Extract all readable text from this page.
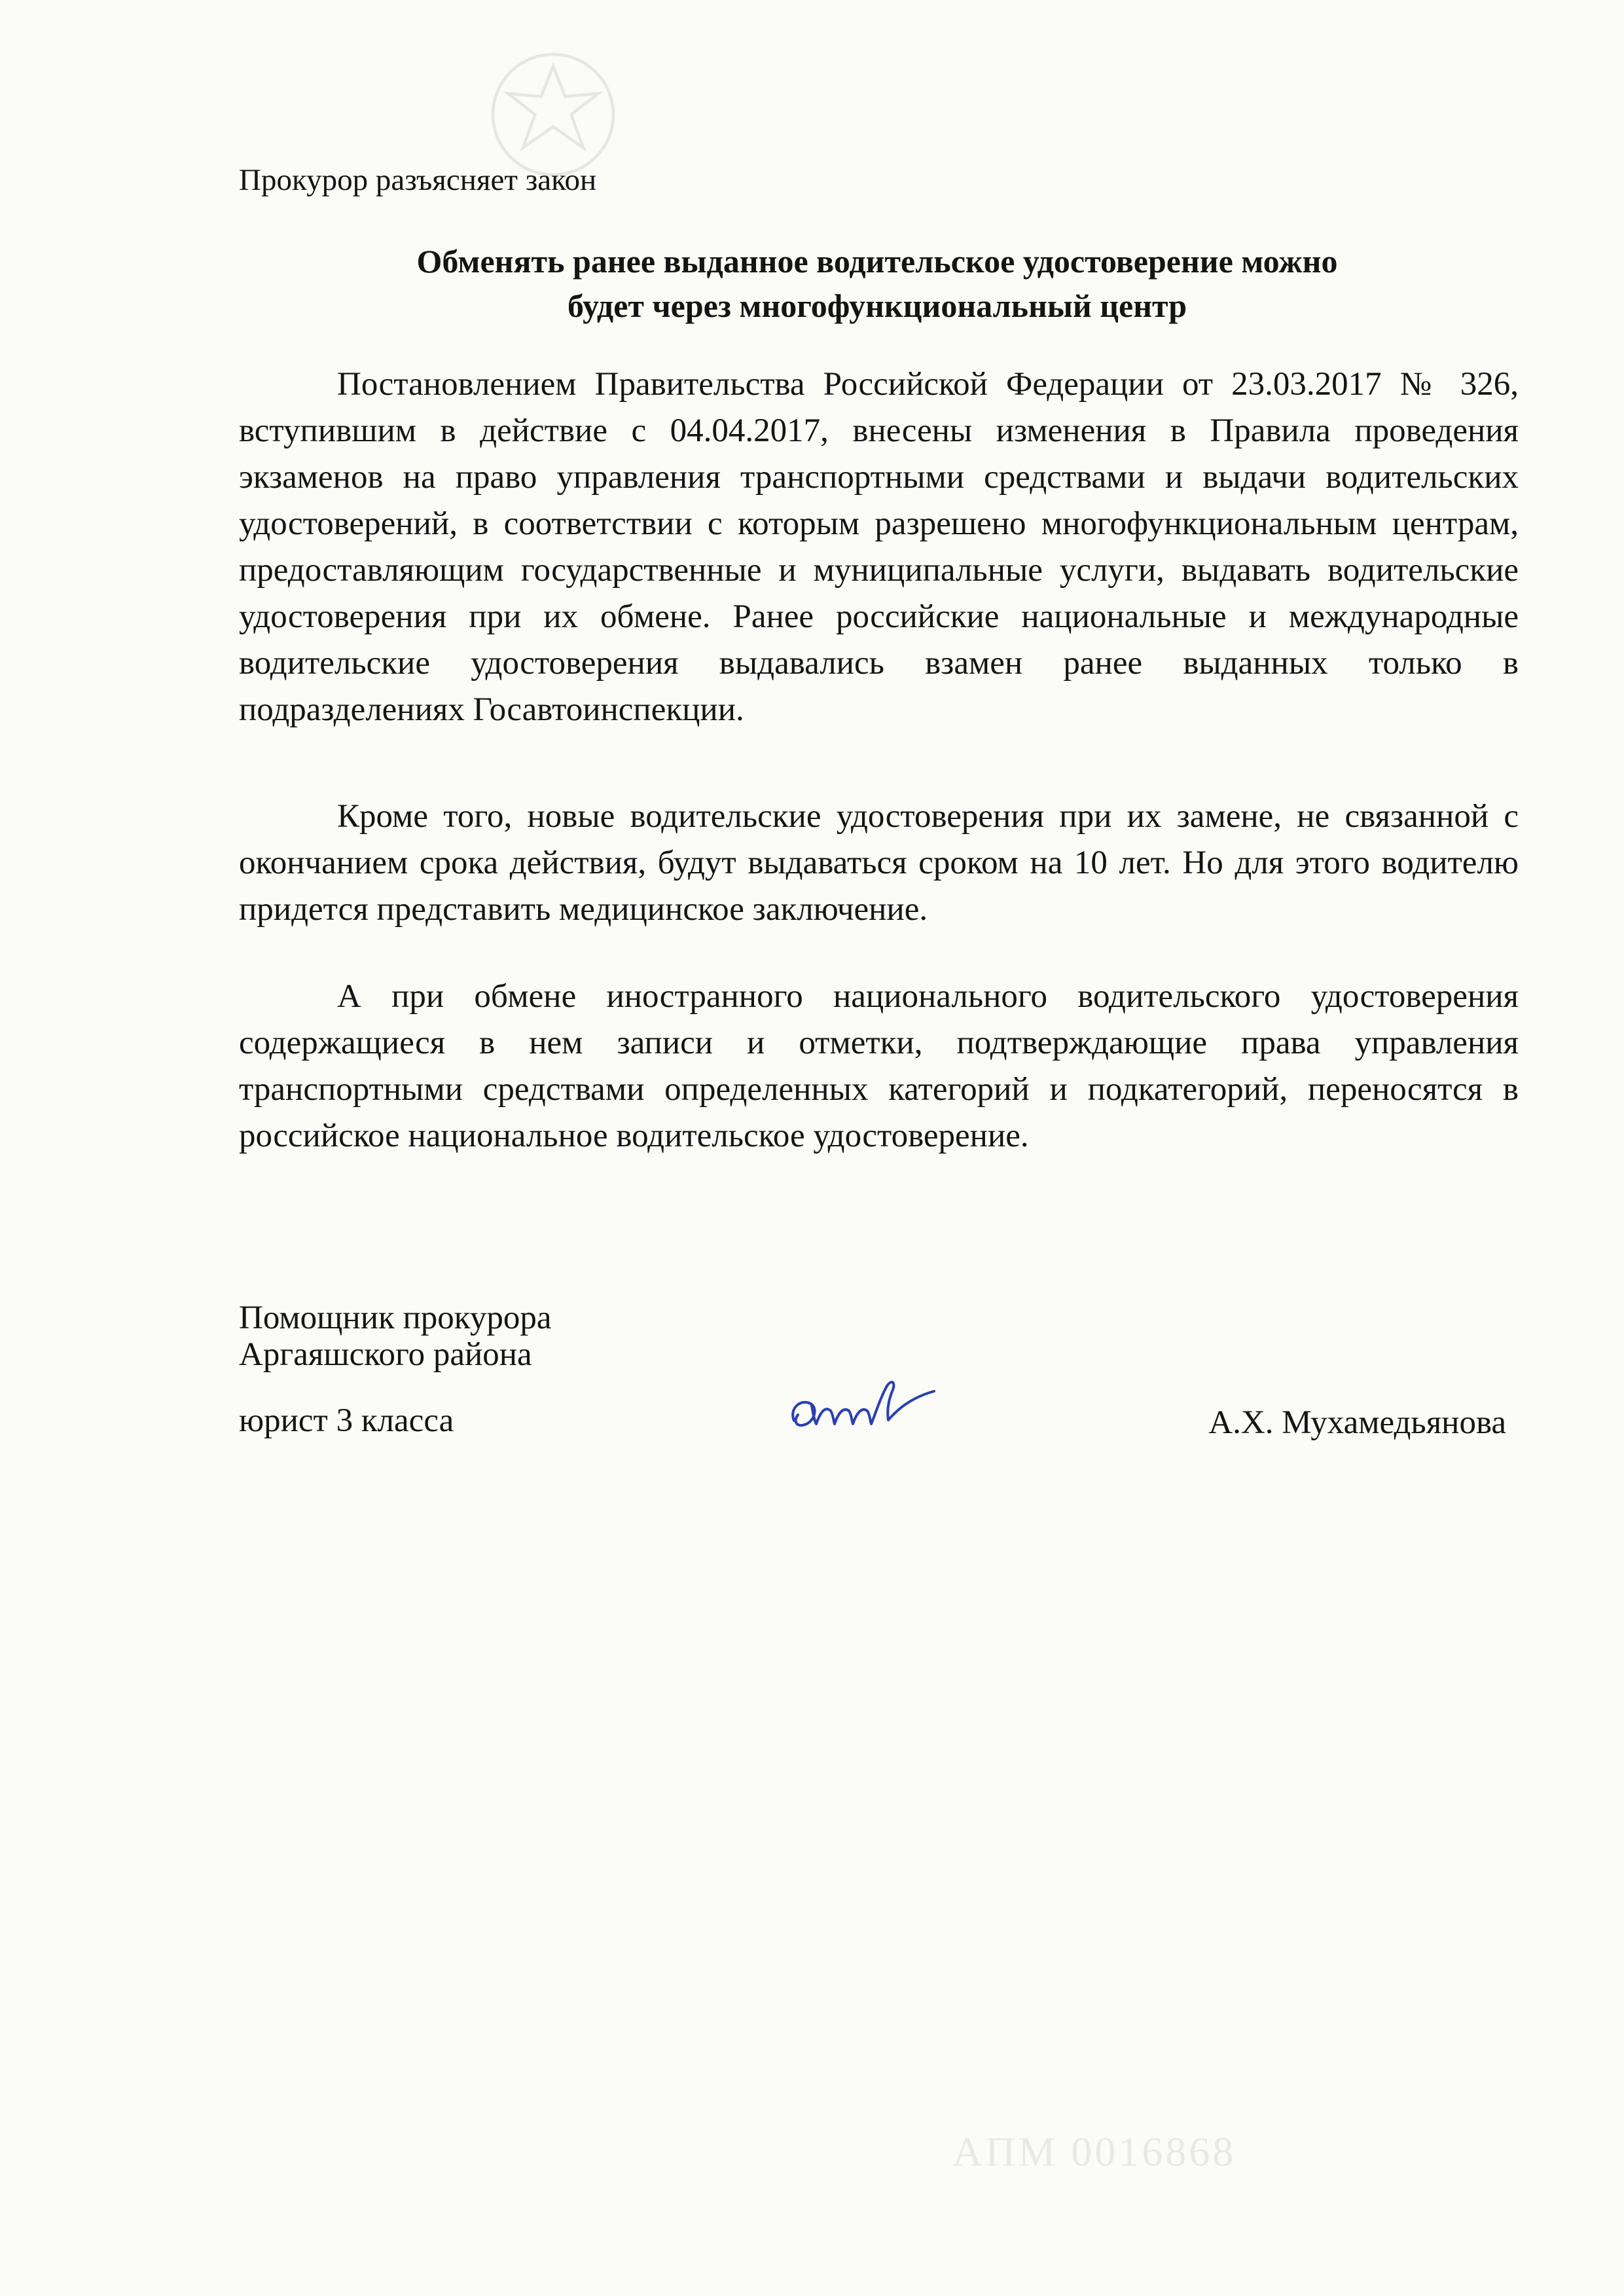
Прокурор разъясняет закон
Обменять ранее выданное водительское удостоверение можно
будет через многофункциональный центр

Постановлением Правительства Российской Федерации от 23.03.2017 № 326, вступившим в действие с 04.04.2017, внесены изменения в Правила проведения экзаменов на право управления транспортными средствами и выдачи водительских удостоверений, в соответствии с которым разрешено многофункциональным центрам, предоставляющим государственные и муниципальные услуги, выдавать водительские удостоверения при их обмене. Ранее российские национальные и международные водительские удостоверения выдавались взамен ранее выданных только в подразделениях Госавтоинспекции.

Кроме того, новые водительские удостоверения при их замене, не связанной с окончанием срока действия, будут выдаваться сроком на 10 лет. Но для этого водителю придется представить медицинское заключение.

А при обмене иностранного национального водительского удостоверения содержащиеся в нем записи и отметки, подтверждающие права управления транспортными средствами определенных категорий и подкатегорий, переносятся в российское национальное водительское удостоверение.

Помощник прокурора
Аргаяшского района
юрист 3 класса	А.Х. Мухамедьянова
АПМ 0016868
